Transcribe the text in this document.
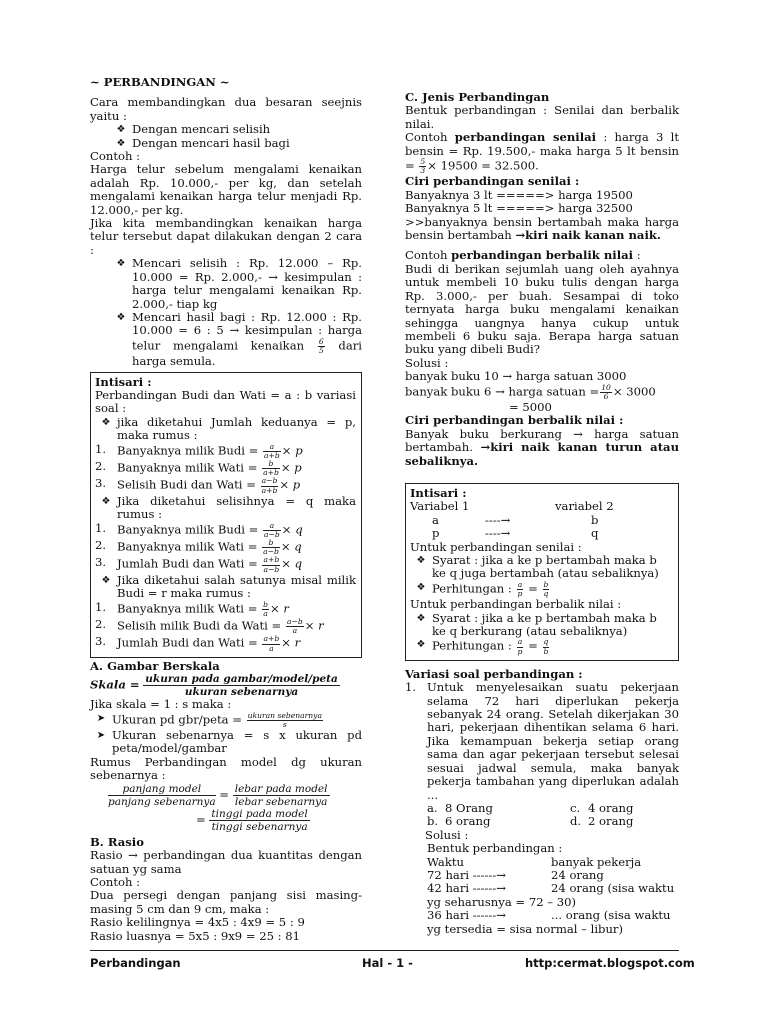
~ PERBANDINGAN ~

Cara membandingkan dua besaran seejnis yaitu :

❖ Dengan mencari selisih
❖ Dengan mencari hasil bagi

Contoh :

Harga telur sebelum mengalami kenaikan adalah Rp. 10.000,- per kg, dan setelah mengalami kenaikan harga telur menjadi Rp. 12.000,- per kg.

Jika kita membandingkan kenaikan harga telur tersebut dapat dilakukan dengan 2 cara :

❖ Mencari selisih : Rp. 12.000 – Rp. 10.000 = Rp. 2.000,- → kesimpulan : harga telur mengalami kenaikan Rp. 2.000,- tiap kg
❖ Mencari hasil bagi : Rp. 12.000 : Rp. 10.000 = 6 : 5 → kesimpulan : harga telur mengalami kenaikan $\frac{6}{5}$ dari harga semula.

Intisari :

Perbandingan Budi dan Wati = a : b variasi soal :

❖ jika diketahui Jumlah keduanya = p, maka rumus :
1. Banyaknya milik Budi = $\frac{a}{a+b} \times p$
2. Banyaknya milik Wati = $\frac{b}{a+b} \times p$
3. Selisih Budi dan Wati = $\frac{a-b}{a+b} \times p$
❖ Jika diketahui selisihnya = q maka rumus :
1. Banyaknya milik Budi = $\frac{a}{a-b} \times q$
2. Banyaknya milik Wati = $\frac{b}{a-b} \times q$
3. Jumlah Budi dan Wati = $\frac{a+b}{a-b} \times q$
❖ Jika diketahui salah satunya misal milik Budi = r maka rumus :
1. Banyaknya milik Wati = $\frac{b}{a} \times r$
2. Selisih milik Budi da Wati = $\frac{a-b}{a} \times r$
3. Jumlah Budi dan Wati = $\frac{a+b}{a} \times r$

A. Gambar Berskala

Skala = ukuran pada gambar/model/peta
ukuran sebenarnya

Jika skala = 1 : s maka :

➤ Ukuran pd gbr/peta = $\frac{\text{ukuran sebenarnya}}{s}$
➤ Ukuran sebenarnya = s x ukuran pd peta/model/gambar

Rumus Perbandingan model dg ukuran sebenarnya :

panjang model
panjang sebenarnya
= lebar pada model
lebar sebenarnya
= tinggi pada model
tinggi sebenarnya

B. Rasio

Rasio → perbandingan dua kuantitas dengan satuan yg sama

Contoh :

Dua persegi dengan panjang sisi masing-masing 5 cm dan 9 cm, maka :

Rasio kelilingnya = 4x5 : 4x9 = 5 : 9

Rasio luasnya = 5x5 : 9x9 = 25 : 81

C. Jenis Perbandingan

Bentuk perbandingan : Senilai dan berbalik nilai.

Contoh perbandingan senilai : harga 3 lt bensin = Rp. 19.500,- maka harga 5 lt $bensin = \frac{5}{3} \times 19500 = 32.500$.

Ciri perbandingan senilai :

Banyaknya 3 lt =====> harga 19500

Banyaknya 5 lt =====> harga 32500

>>banyaknya bensin bertambah maka harga bensin bertambah →kiri naik kanan naik.

Contoh perbandingan berbalik nilai :

Budi di berikan sejumlah uang oleh ayahnya untuk membeli 10 buku tulis dengan harga Rp. 3.000,- per buah. Sesampai di toko ternyata harga buku mengalami kenaikan sehingga uangnya hanya cukup untuk membeli 6 buku saja. Berapa harga satuan buku yang dibeli Budi?

Solusi :

banyak buku 10 → harga satuan 3000

banyak buku 6 → harga satuan = $\frac{10}{6} \times 3000$

= 5000

Ciri perbandingan berbalik nilai :

Banyak buku berkurang → harga satuan bertambah. →kiri naik kanan turun atau sebaliknya.

Intisari :

Variabel 1	variabel 2
a	----→	b
p	----→	q

Untuk perbandingan senilai :

❖ Syarat : jika a ke p bertambah maka b ke q juga bertambah (atau sebaliknya)
❖ Perhitungan : $\frac{a}{p} = \frac{b}{q}$

Untuk perbandingan berbalik nilai :

❖ Syarat : jika a ke p bertambah maka b ke q berkurang (atau sebaliknya)
❖ Perhitungan : $\frac{a}{p} = \frac{q}{b}$

Variasi soal perbandingan :

1. Untuk menyelesaikan suatu pekerjaan selama 72 hari diperlukan pekerja sebanyak 24 orang. Setelah dikerjakan 30 hari, pekerjaan dihentikan selama 6 hari. Jika kemampuan bekerja setiap orang sama dan agar pekerjaan tersebut selesai sesuai jadwal semula, maka banyak pekerja tambahan yang diperlukan adalah ...
a. 8 Orang	c. 4 orang
b. 6 orang	d. 2 orang

Solusi :

Bentuk perbandingan :

Waktu	banyak pekerja
72 hari ------→	24 orang
42 hari ------→	24 orang (sisa waktu

yg seharusnya = 72 – 30)

36 hari ------→	... orang (sisa waktu

yg tersedia = sisa normal – libur)

Perbandingan	Hal - 1 -	http:cermat.blogspot.com
